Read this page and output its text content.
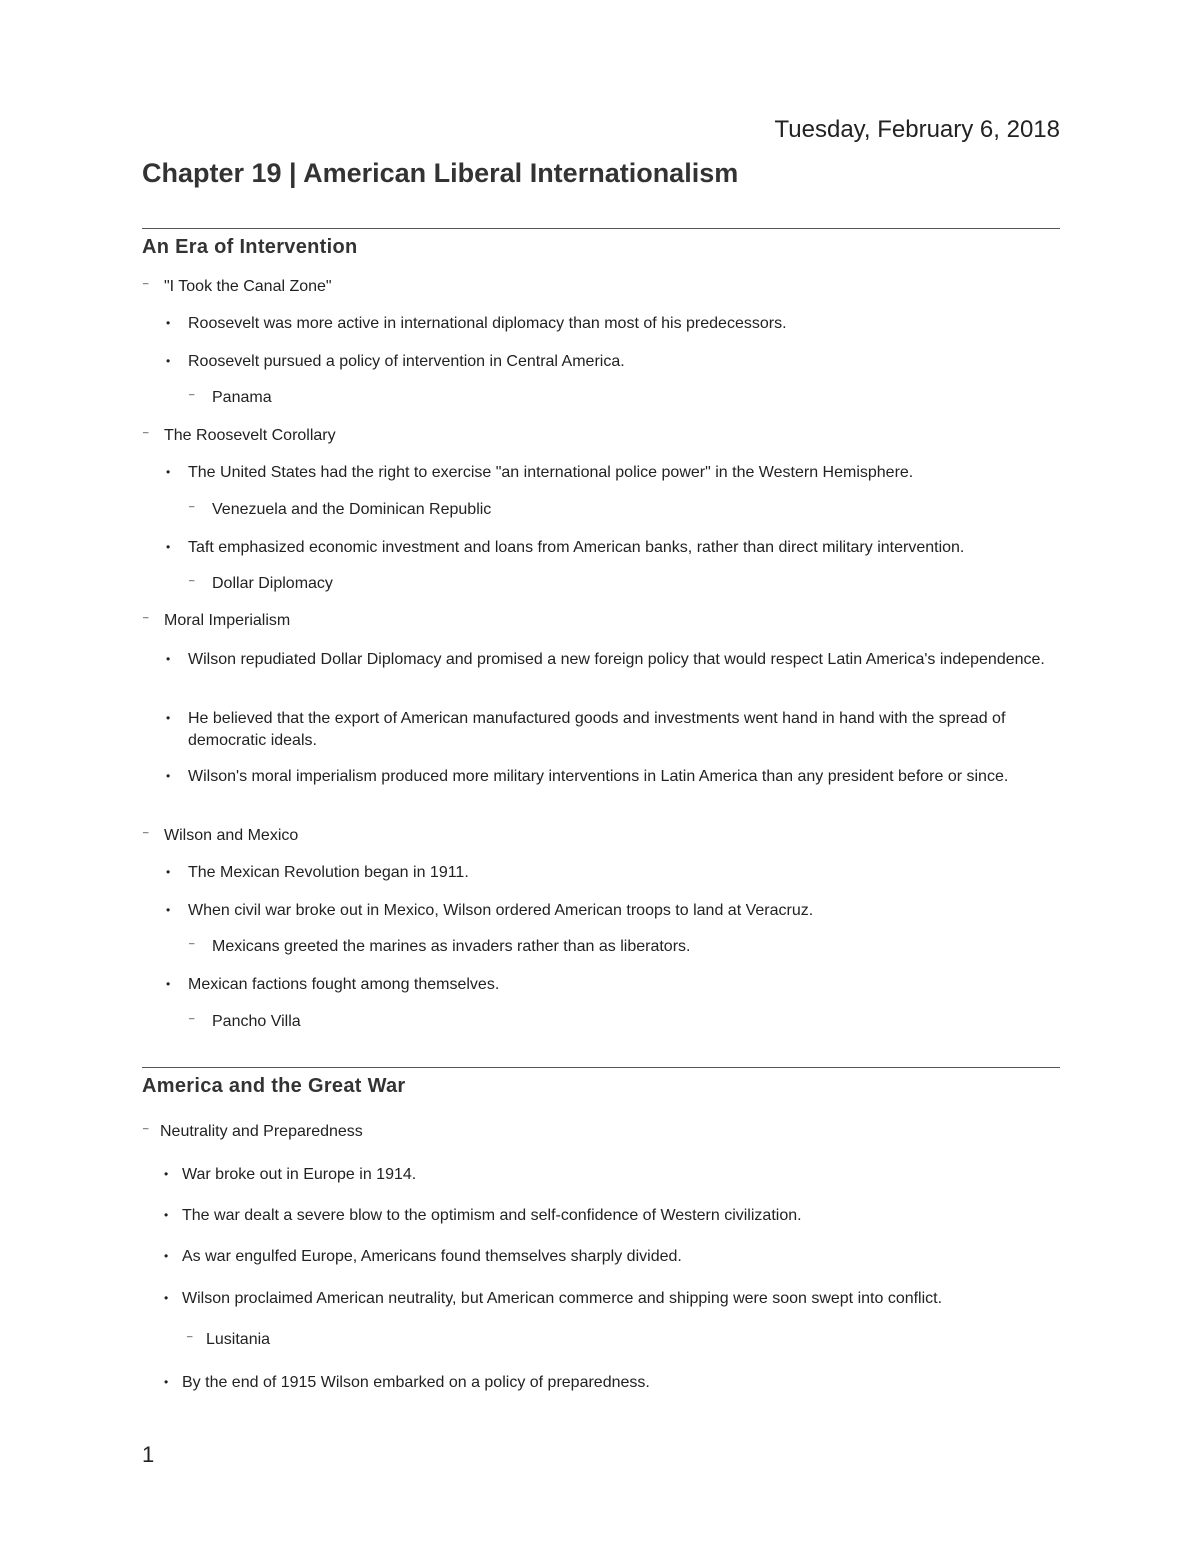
Tuesday, February 6, 2018
Chapter 19 | American Liberal Internationalism
An Era of Intervention
⁻ "I Took the Canal Zone"

• Roosevelt was more active in international diplomacy than most of his predecessors.

• Roosevelt pursued a policy of intervention in Central America.

⁻ Panama

⁻ The Roosevelt Corollary

• The United States had the right to exercise "an international police power" in the Western Hemisphere.

⁻ Venezuela and the Dominican Republic

• Taft emphasized economic investment and loans from American banks, rather than direct military intervention.

⁻ Dollar Diplomacy

⁻ Moral Imperialism

• Wilson repudiated Dollar Diplomacy and promised a new foreign policy that would respect Latin America's independence.

• He believed that the export of American manufactured goods and investments went hand in hand with the spread of democratic ideals.

• Wilson's moral imperialism produced more military interventions in Latin America than any president before or since.

⁻ Wilson and Mexico

• The Mexican Revolution began in 1911.

• When civil war broke out in Mexico, Wilson ordered American troops to land at Veracruz.

⁻ Mexicans greeted the marines as invaders rather than as liberators.

• Mexican factions fought among themselves.

⁻ Pancho Villa

America and the Great War
⁻ Neutrality and Preparedness

• War broke out in Europe in 1914.

• The war dealt a severe blow to the optimism and self-confidence of Western civilization.

• As war engulfed Europe, Americans found themselves sharply divided.

• Wilson proclaimed American neutrality, but American commerce and shipping were soon swept into conflict.

⁻ Lusitania

• By the end of 1915 Wilson embarked on a policy of preparedness.

1
